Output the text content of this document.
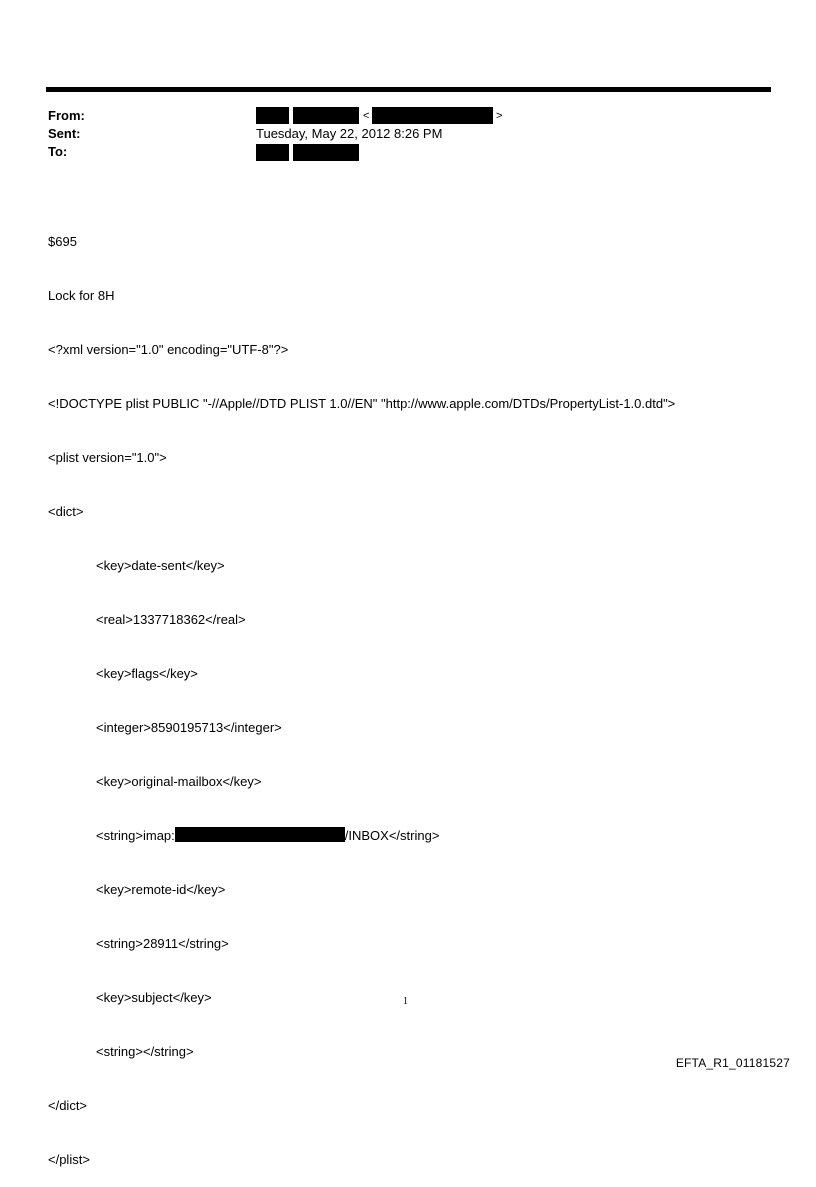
From:	<	>
Sent:	Tuesday, May 22, 2012 8:26 PM
To:

$695

Lock for 8H

<?xml version="1.0" encoding="UTF-8"?>

<!DOCTYPE plist PUBLIC "-//Apple//DTD PLIST 1.0//EN" "http://www.apple.com/DTDs/PropertyList-1.0.dtd">

<plist version="1.0">

<dict>

<key>date-sent</key>

<real>1337718362</real>

<key>flags</key>

<integer>8590195713</integer>

<key>original-mailbox</key>

<string>imap:	/INBOX</string>

<key>remote-id</key>

<string>28911</string>

<key>subject</key>

<string></string>

</dict>

</plist>

1
EFTA_R1_01181527
